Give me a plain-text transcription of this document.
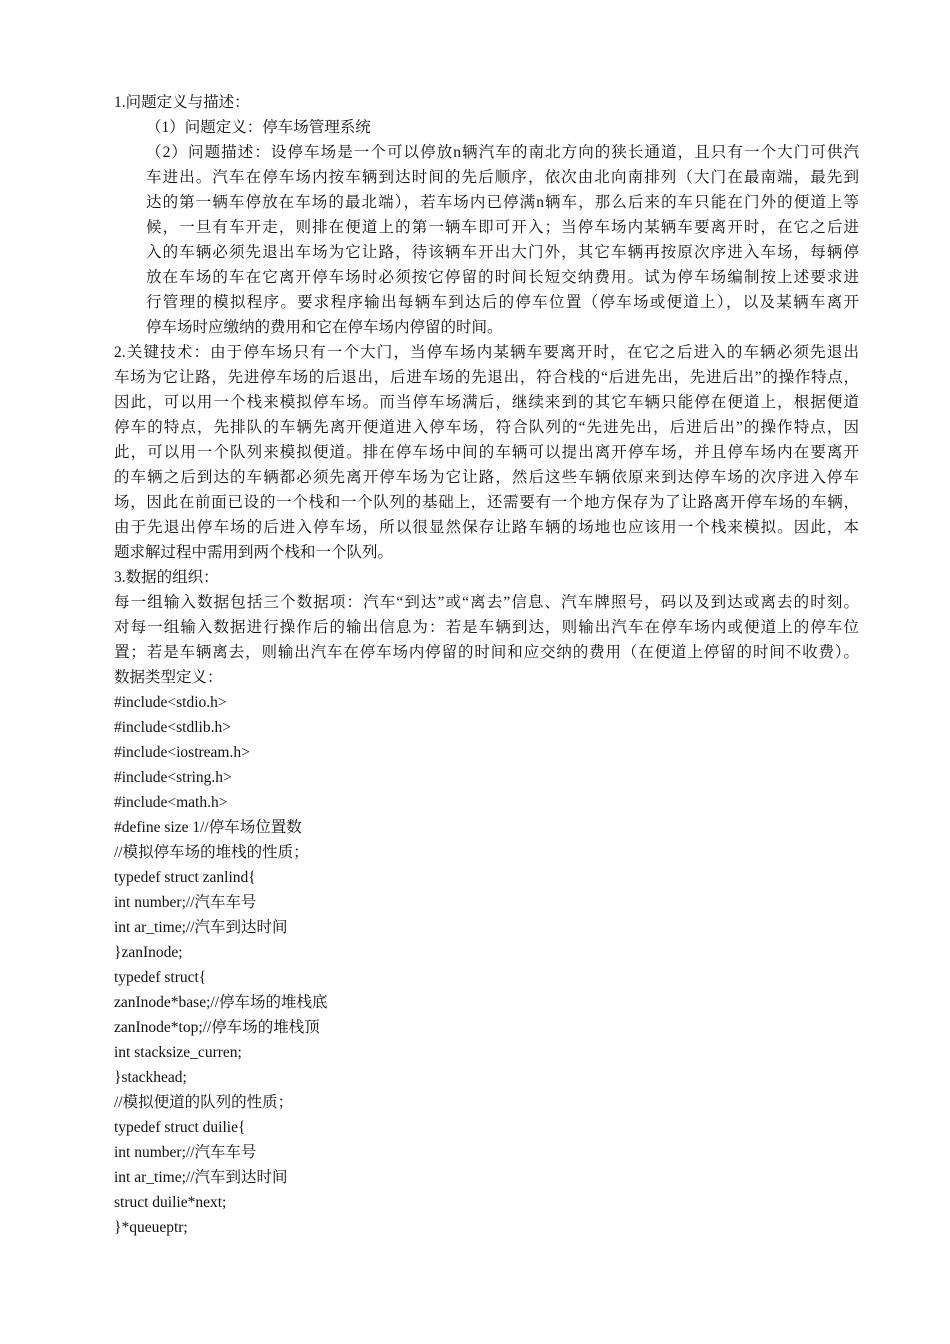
1.问题定义与描述：
（1）问题定义：停车场管理系统
（2）问题描述：设停车场是一个可以停放n辆汽车的南北方向的狭长通道，且只有一个大门可供汽
车进出。汽车在停车场内按车辆到达时间的先后顺序，依次由北向南排列（大门在最南端，最先到
达的第一辆车停放在车场的最北端），若车场内已停满n辆车，那么后来的车只能在门外的便道上等
候，一旦有车开走，则排在便道上的第一辆车即可开入；当停车场内某辆车要离开时，在它之后进
入的车辆必须先退出车场为它让路，待该辆车开出大门外，其它车辆再按原次序进入车场，每辆停
放在车场的车在它离开停车场时必须按它停留的时间长短交纳费用。试为停车场编制按上述要求进
行管理的模拟程序。要求程序输出每辆车到达后的停车位置（停车场或便道上），以及某辆车离开
停车场时应缴纳的费用和它在停车场内停留的时间。
2.关键技术：由于停车场只有一个大门，当停车场内某辆车要离开时，在它之后进入的车辆必须先退出
车场为它让路，先进停车场的后退出，后进车场的先退出，符合栈的“后进先出，先进后出”的操作特点，
因此，可以用一个栈来模拟停车场。而当停车场满后，继续来到的其它车辆只能停在便道上，根据便道
停车的特点，先排队的车辆先离开便道进入停车场，符合队列的“先进先出，后进后出”的操作特点，因
此，可以用一个队列来模拟便道。排在停车场中间的车辆可以提出离开停车场，并且停车场内在要离开
的车辆之后到达的车辆都必须先离开停车场为它让路，然后这些车辆依原来到达停车场的次序进入停车
场，因此在前面已设的一个栈和一个队列的基础上，还需要有一个地方保存为了让路离开停车场的车辆，
由于先退出停车场的后进入停车场，所以很显然保存让路车辆的场地也应该用一个栈来模拟。因此，本
题求解过程中需用到两个栈和一个队列。
3.数据的组织：
每一组输入数据包括三个数据项：汽车“到达”或“离去”信息、汽车牌照号，码以及到达或离去的时刻。
对每一组输入数据进行操作后的输出信息为：若是车辆到达，则输出汽车在停车场内或便道上的停车位
置；若是车辆离去，则输出汽车在停车场内停留的时间和应交纳的费用（在便道上停留的时间不收费）。
数据类型定义：
#include<stdio.h>
#include<stdlib.h>
#include<iostream.h>
#include<string.h>
#include<math.h>
#define size 1//停车场位置数
//模拟停车场的堆栈的性质；
typedef struct zanlind{
int number;//汽车车号
int ar_time;//汽车到达时间
}zanInode;
typedef struct{
zanInode*base;//停车场的堆栈底
zanInode*top;//停车场的堆栈顶
int stacksize_curren;
}stackhead;
//模拟便道的队列的性质；
typedef struct duilie{
int number;//汽车车号
int ar_time;//汽车到达时间
struct duilie*next;
}*queueptr;
